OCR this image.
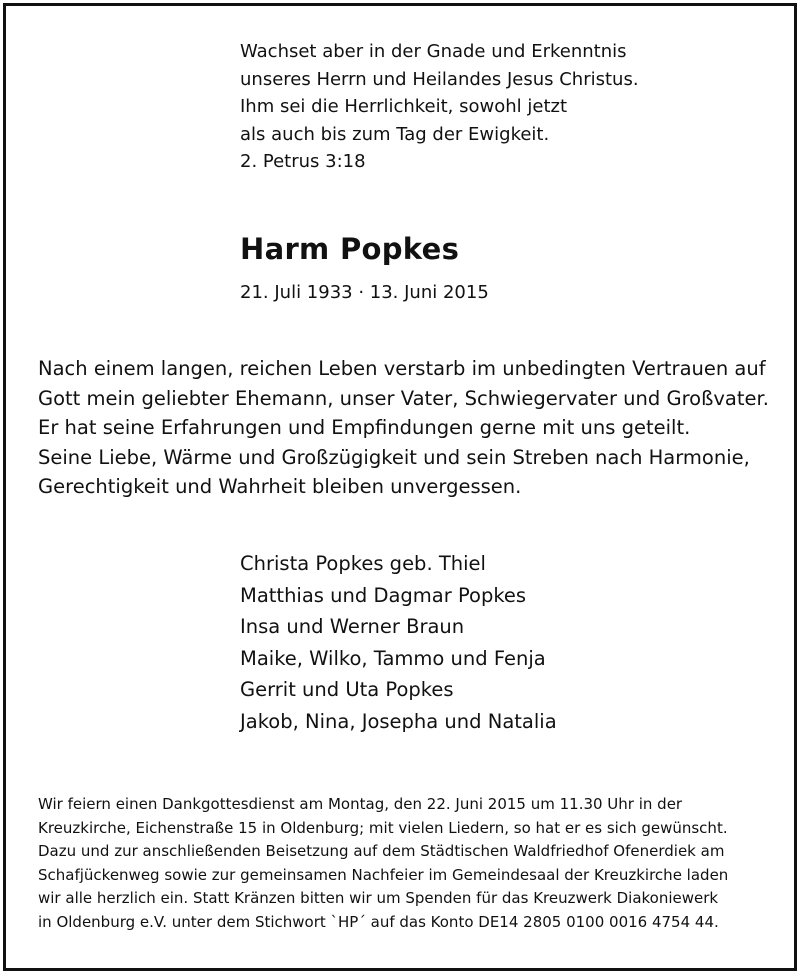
Wachset aber in der Gnade und Erkenntnis
unseres Herrn und Heilandes Jesus Christus.
Ihm sei die Herrlichkeit, sowohl jetzt
als auch bis zum Tag der Ewigkeit.
2. Petrus 3:18
Harm Popkes
21. Juli 1933 · 13. Juni 2015
Nach einem langen, reichen Leben verstarb im unbedingten Vertrauen auf
Gott mein geliebter Ehemann, unser Vater, Schwiegervater und Großvater.
Er hat seine Erfahrungen und Empfindungen gerne mit uns geteilt.
Seine Liebe, Wärme und Großzügigkeit und sein Streben nach Harmonie,
Gerechtigkeit und Wahrheit bleiben unvergessen.
Christa Popkes geb. Thiel
Matthias und Dagmar Popkes
Insa und Werner Braun
Maike, Wilko, Tammo und Fenja
Gerrit und Uta Popkes
Jakob, Nina, Josepha und Natalia
Wir feiern einen Dankgottesdienst am Montag, den 22. Juni 2015 um 11.30 Uhr in der
Kreuzkirche, Eichenstraße 15 in Oldenburg; mit vielen Liedern, so hat er es sich gewünscht.
Dazu und zur anschließenden Beisetzung auf dem Städtischen Waldfriedhof Ofenerdiek am
Schafjückenweg sowie zur gemeinsamen Nachfeier im Gemeindesaal der Kreuzkirche laden
wir alle herzlich ein. Statt Kränzen bitten wir um Spenden für das Kreuzwerk Diakoniewerk
in Oldenburg e.V. unter dem Stichwort `HP´ auf das Konto DE14 2805 0100 0016 4754 44.
